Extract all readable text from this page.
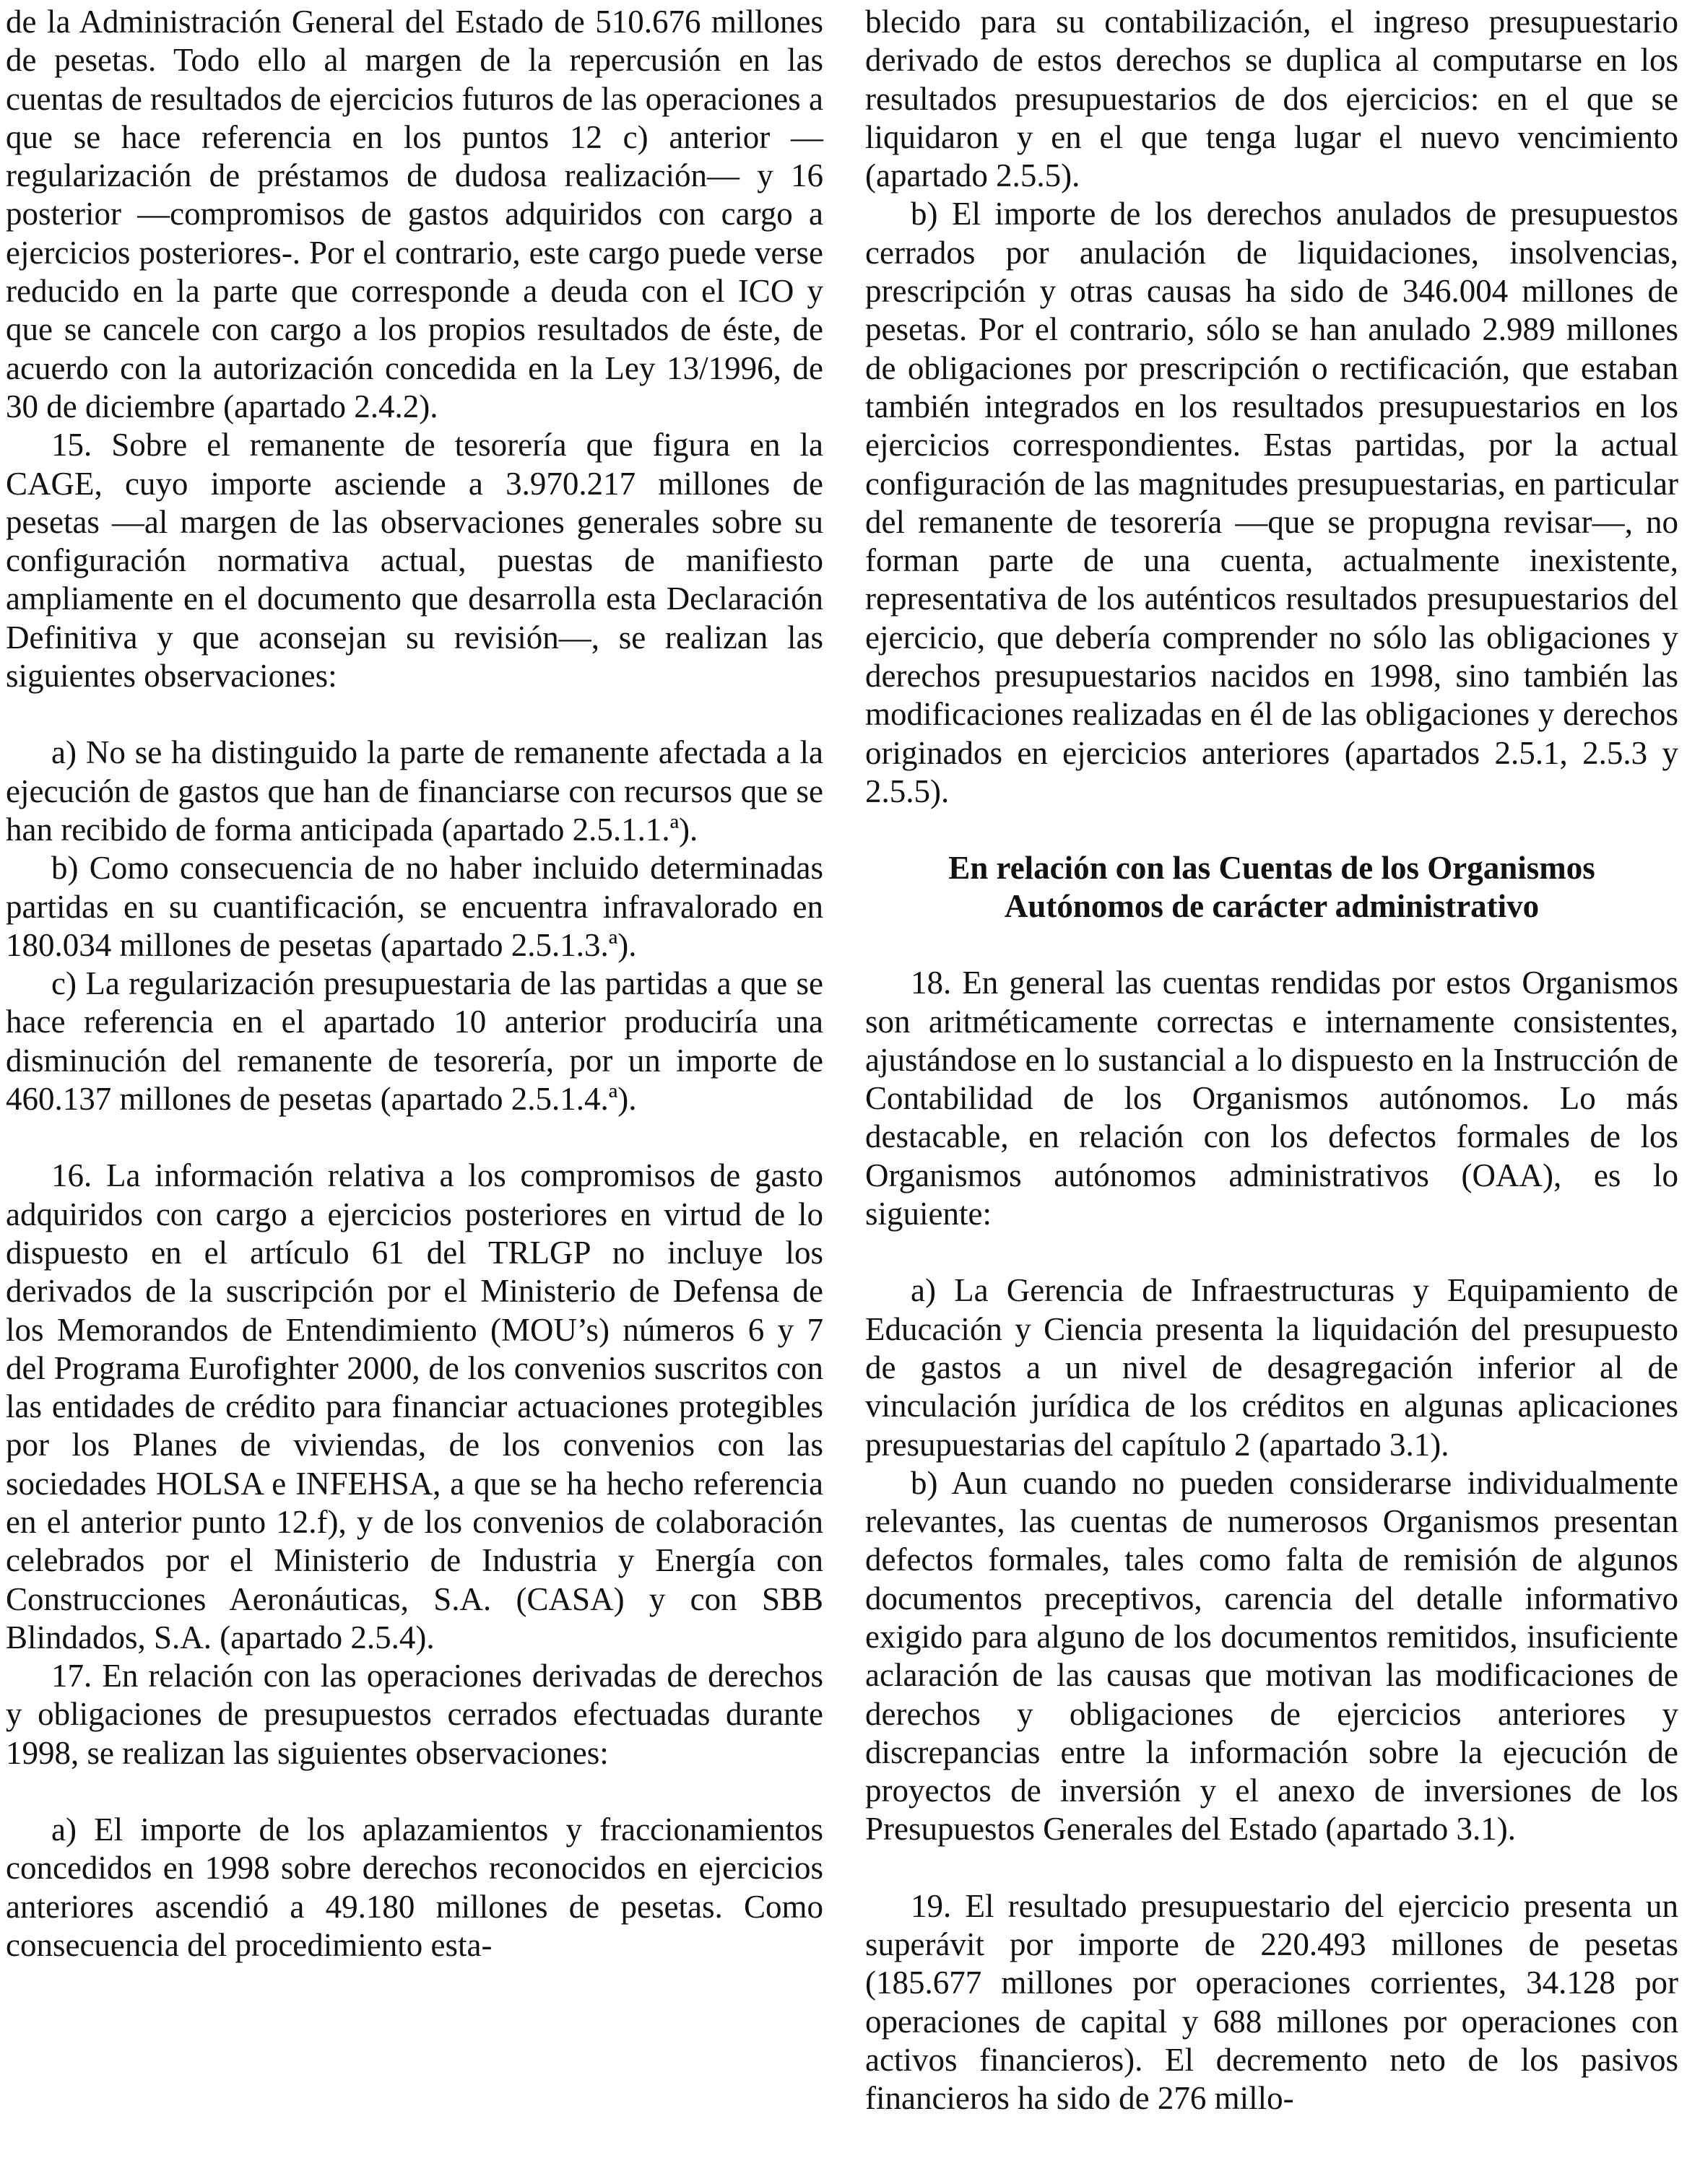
de la Administración General del Estado de 510.676 millones de pesetas. Todo ello al margen de la repercusión en las cuentas de resultados de ejercicios futuros de las operaciones a que se hace referencia en los puntos 12 c) anterior —regularización de préstamos de dudosa realización— y 16 posterior —compromisos de gastos adquiridos con cargo a ejercicios posteriores-. Por el contrario, este cargo puede verse reducido en la parte que corresponde a deuda con el ICO y que se cancele con cargo a los propios resultados de éste, de acuerdo con la autorización concedida en la Ley 13/1996, de 30 de diciembre (apartado 2.4.2).

15. Sobre el remanente de tesorería que figura en la CAGE, cuyo importe asciende a 3.970.217 millones de pesetas —al margen de las observaciones generales sobre su configuración normativa actual, puestas de manifiesto ampliamente en el documento que desarrolla esta Declaración Definitiva y que aconsejan su revisión—, se realizan las siguientes observaciones:

a) No se ha distinguido la parte de remanente afectada a la ejecución de gastos que han de financiarse con recursos que se han recibido de forma anticipada (apartado 2.5.1.1.ª).

b) Como consecuencia de no haber incluido determinadas partidas en su cuantificación, se encuentra infravalorado en 180.034 millones de pesetas (apartado 2.5.1.3.ª).

c) La regularización presupuestaria de las partidas a que se hace referencia en el apartado 10 anterior produciría una disminución del remanente de tesorería, por un importe de 460.137 millones de pesetas (apartado 2.5.1.4.ª).

16. La información relativa a los compromisos de gasto adquiridos con cargo a ejercicios posteriores en virtud de lo dispuesto en el artículo 61 del TRLGP no incluye los derivados de la suscripción por el Ministerio de Defensa de los Memorandos de Entendimiento (MOU’s) números 6 y 7 del Programa Eurofighter 2000, de los convenios suscritos con las entidades de crédito para financiar actuaciones protegibles por los Planes de viviendas, de los convenios con las sociedades HOLSA e INFEHSA, a que se ha hecho referencia en el anterior punto 12.f), y de los convenios de colaboración celebrados por el Ministerio de Industria y Energía con Construcciones Aeronáuticas, S.A. (CASA) y con SBB Blindados, S.A. (apartado 2.5.4).

17. En relación con las operaciones derivadas de derechos y obligaciones de presupuestos cerrados efectuadas durante 1998, se realizan las siguientes observaciones:

a) El importe de los aplazamientos y fraccionamientos concedidos en 1998 sobre derechos reconocidos en ejercicios anteriores ascendió a 49.180 millones de pesetas. Como consecuencia del procedimiento esta-

blecido para su contabilización, el ingreso presupuestario derivado de estos derechos se duplica al computarse en los resultados presupuestarios de dos ejercicios: en el que se liquidaron y en el que tenga lugar el nuevo vencimiento (apartado 2.5.5).

b) El importe de los derechos anulados de presupuestos cerrados por anulación de liquidaciones, insolvencias, prescripción y otras causas ha sido de 346.004 millones de pesetas. Por el contrario, sólo se han anulado 2.989 millones de obligaciones por prescripción o rectificación, que estaban también integrados en los resultados presupuestarios en los ejercicios correspondientes. Estas partidas, por la actual configuración de las magnitudes presupuestarias, en particular del remanente de tesorería —que se propugna revisar—, no forman parte de una cuenta, actualmente inexistente, representativa de los auténticos resultados presupuestarios del ejercicio, que debería comprender no sólo las obligaciones y derechos presupuestarios nacidos en 1998, sino también las modificaciones realizadas en él de las obligaciones y derechos originados en ejercicios anteriores (apartados 2.5.1, 2.5.3 y 2.5.5).

En relación con las Cuentas de los Organismos

Autónomos de carácter administrativo

18. En general las cuentas rendidas por estos Organismos son aritméticamente correctas e internamente consistentes, ajustándose en lo sustancial a lo dispuesto en la Instrucción de Contabilidad de los Organismos autónomos. Lo más destacable, en relación con los defectos formales de los Organismos autónomos administrativos (OAA), es lo siguiente:

a) La Gerencia de Infraestructuras y Equipamiento de Educación y Ciencia presenta la liquidación del presupuesto de gastos a un nivel de desagregación inferior al de vinculación jurídica de los créditos en algunas aplicaciones presupuestarias del capítulo 2 (apartado 3.1).

b) Aun cuando no pueden considerarse individualmente relevantes, las cuentas de numerosos Organismos presentan defectos formales, tales como falta de remisión de algunos documentos preceptivos, carencia del detalle informativo exigido para alguno de los documentos remitidos, insuficiente aclaración de las causas que motivan las modificaciones de derechos y obligaciones de ejercicios anteriores y discrepancias entre la información sobre la ejecución de proyectos de inversión y el anexo de inversiones de los Presupuestos Generales del Estado (apartado 3.1).

19. El resultado presupuestario del ejercicio presenta un superávit por importe de 220.493 millones de pesetas (185.677 millones por operaciones corrientes, 34.128 por operaciones de capital y 688 millones por operaciones con activos financieros). El decremento neto de los pasivos financieros ha sido de 276 millo-
